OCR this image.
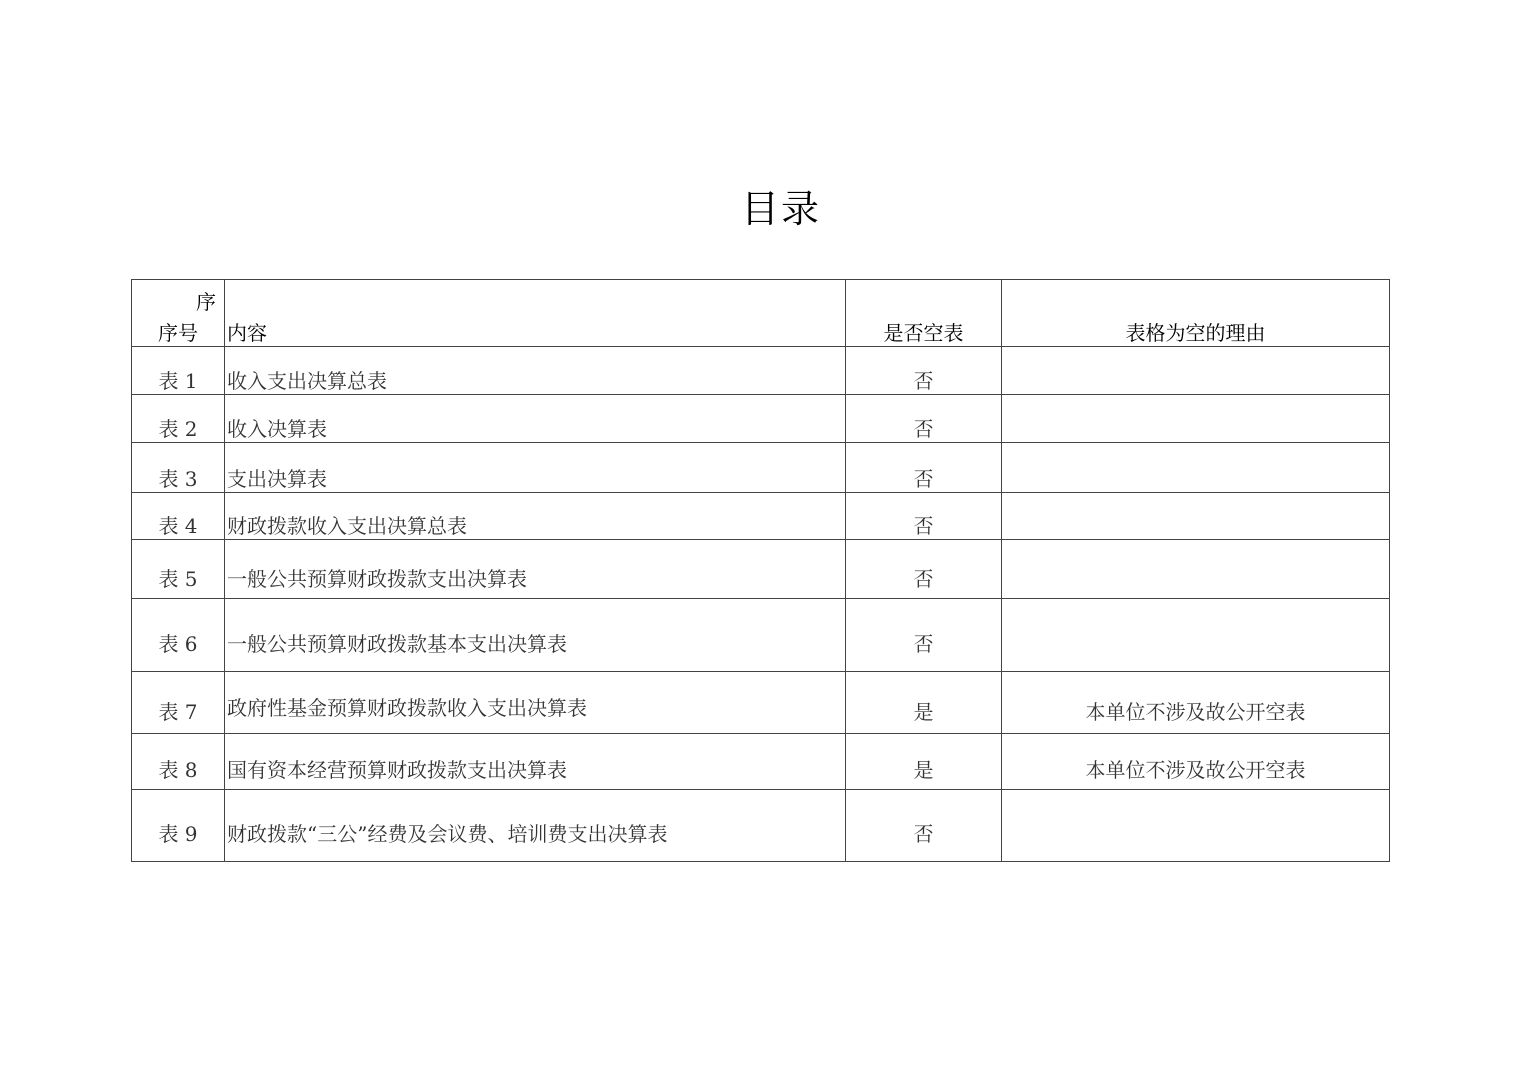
目录
序
序号	内容	是否空表	表格为空的理由
表 1	收入支出决算总表	否	
表 2	收入决算表	否	
表 3	支出决算表	否	
表 4	财政拨款收入支出决算总表	否	
表 5	一般公共预算财政拨款支出决算表	否	
表 6	一般公共预算财政拨款基本支出决算表	否	
表 7	政府性基金预算财政拨款收入支出决算表	是	本单位不涉及故公开空表
表 8	国有资本经营预算财政拨款支出决算表	是	本单位不涉及故公开空表
表 9	财政拨款“三公”经费及会议费、培训费支出决算表	否	
